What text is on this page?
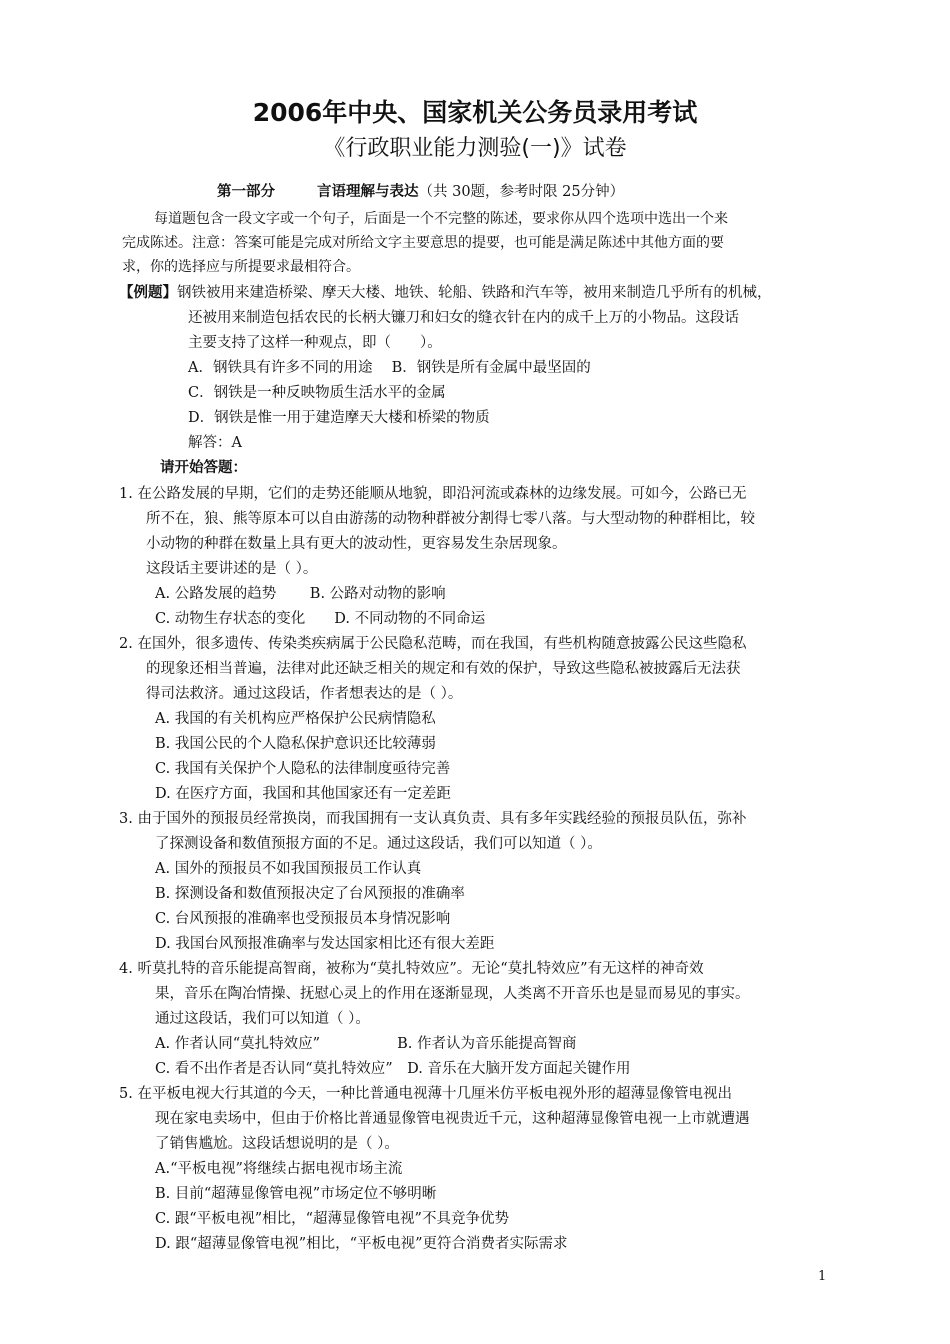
2006年中央、国家机关公务员录用考试
《行政职业能力测验(一)》试卷
第一部分	言语理解与表达（共 30题，参考时限 25分钟）
每道题包含一段文字或一个句子，后面是一个不完整的陈述，要求你从四个选项中选出一个来
完成陈述。注意：答案可能是完成对所给文字主要意思的提要，也可能是满足陈述中其他方面的要
求，你的选择应与所提要求最相符合。
【例题】钢铁被用来建造桥梁、摩天大楼、地铁、轮船、铁路和汽车等，被用来制造几乎所有的机械，
还被用来制造包括农民的长柄大镰刀和妇女的缝衣针在内的成千上万的小物品。这段话
主要支持了这样一种观点，即（　　）。
A．钢铁具有许多不同的用途　 B．钢铁是所有金属中最坚固的
C．钢铁是一种反映物质生活水平的金属
D．钢铁是惟一用于建造摩天大楼和桥梁的物质
解答：A
请开始答题：
1. 在公路发展的早期，它们的走势还能顺从地貌，即沿河流或森林的边缘发展。可如今，公路已无
所不在，狼、熊等原本可以自由游荡的动物种群被分割得七零八落。与大型动物的种群相比，较
小动物的种群在数量上具有更大的波动性，更容易发生杂居现象。
这段话主要讲述的是（ ）。
A. 公路发展的趋势　　 B. 公路对动物的影响
C. 动物生存状态的变化　　D. 不同动物的不同命运
2. 在国外，很多遗传、传染类疾病属于公民隐私范畴，而在我国，有些机构随意披露公民这些隐私
的现象还相当普遍，法律对此还缺乏相关的规定和有效的保护，导致这些隐私被披露后无法获
得司法救济。通过这段话，作者想表达的是（ ）。
A. 我国的有关机构应严格保护公民病情隐私
B. 我国公民的个人隐私保护意识还比较薄弱
C. 我国有关保护个人隐私的法律制度亟待完善
D. 在医疗方面，我国和其他国家还有一定差距
3. 由于国外的预报员经常换岗，而我国拥有一支认真负责、具有多年实践经验的预报员队伍，弥补
了探测设备和数值预报方面的不足。通过这段话，我们可以知道（ ）。
A. 国外的预报员不如我国预报员工作认真
B. 探测设备和数值预报决定了台风预报的准确率
C. 台风预报的准确率也受预报员本身情况影响
D. 我国台风预报准确率与发达国家相比还有很大差距
4. 听莫扎特的音乐能提高智商，被称为“莫扎特效应”。无论“莫扎特效应”有无这样的神奇效
果，音乐在陶冶情操、抚慰心灵上的作用在逐渐显现，人类离不开音乐也是显而易见的事实。
通过这段话，我们可以知道（ ）。
A. 作者认同“莫扎特效应”　　　　　 B. 作者认为音乐能提高智商
C. 看不出作者是否认同“莫扎特效应”　D. 音乐在大脑开发方面起关键作用
5. 在平板电视大行其道的今天，一种比普通电视薄十几厘米仿平板电视外形的超薄显像管电视出
现在家电卖场中，但由于价格比普通显像管电视贵近千元，这种超薄显像管电视一上市就遭遇
了销售尴尬。这段话想说明的是（ ）。
A.“平板电视”将继续占据电视市场主流
B. 目前“超薄显像管电视”市场定位不够明晰
C. 跟“平板电视”相比，“超薄显像管电视”不具竞争优势
D. 跟“超薄显像管电视”相比，“平板电视”更符合消费者实际需求
1
